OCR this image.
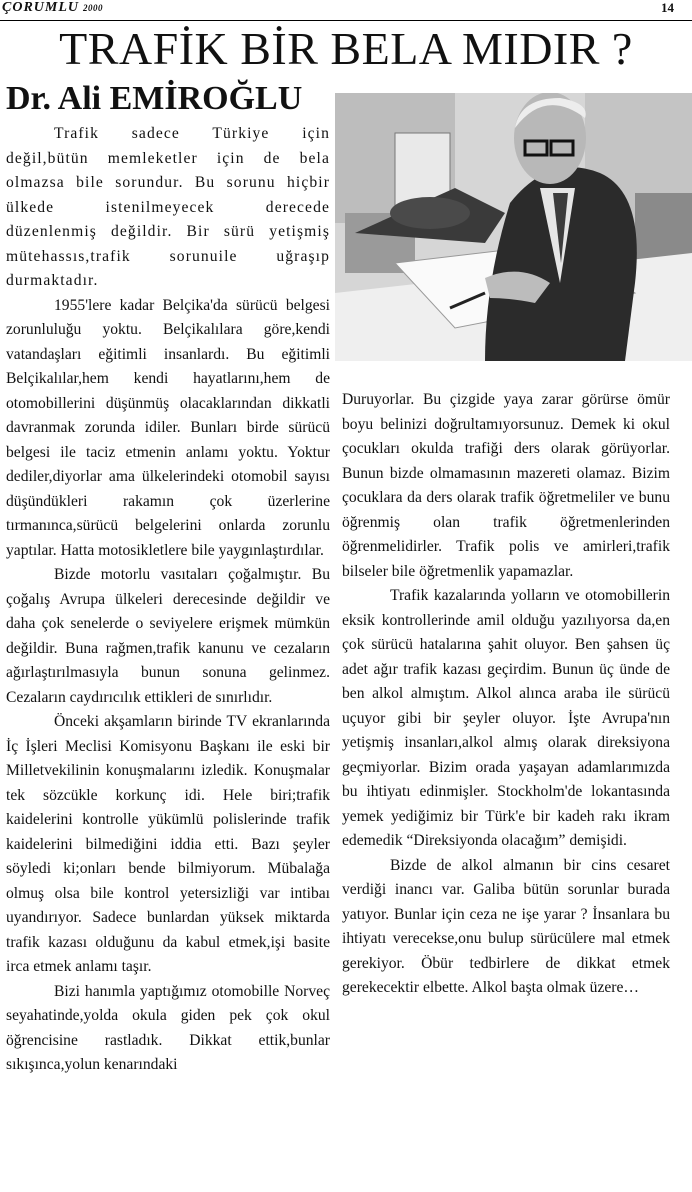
ÇORUMLU 2000	14
TRAFİK BİR BELA MIDIR ?
Dr. Ali EMİROĞLU

Trafik sadece Türkiye için değil,bütün memleketler için de bela olmazsa bile sorundur. Bu sorunu hiçbir ülkede istenilmeyecek derecede düzenlenmiş değildir. Bir sürü yetişmiş mütehassıs,trafik sorunuile uğraşıp durmaktadır.

1955'lere kadar Belçika'da sürücü belgesi zorunluluğu yoktu. Belçikalılara göre,kendi vatandaşları eğitimli insanlardı. Bu eğitimli Belçikalılar,hem kendi hayatlarını,hem de otomobillerini düşünmüş olacaklarından dikkatli davranmak zorunda idiler. Bunları birde sürücü belgesi ile taciz etmenin anlamı yoktu. Yoktur dediler,diyorlar ama ülkelerindeki otomobil sayısı düşündükleri rakamın çok üzerlerine tırmanınca,sürücü belgelerini onlarda zorunlu yaptılar. Hatta motosikletlere bile yaygınlaştırdılar.

Bizde motorlu vasıtaları çoğalmıştır. Bu çoğalış Avrupa ülkeleri derecesinde değildir ve daha çok senelerde o seviyelere erişmek mümkün değildir. Buna rağmen,trafik kanunu ve cezaların ağırlaştırılmasıyla bunun sonuna gelinmez. Cezaların caydırıcılık ettikleri de sınırlıdır.

Önceki akşamların birinde TV ekranlarında İç İşleri Meclisi Komisyonu Başkanı ile eski bir Milletvekilinin konuşmalarını izledik. Konuşmalar tek sözcükle korkunç idi. Hele biri;trafik kaidelerini kontrolle yükümlü polislerinde trafik kaidelerini bilmediğini iddia etti. Bazı şeyler söyledi ki;onları bende bilmiyorum. Mübalağa olmuş olsa bile kontrol yetersizliği var intibaı uyandırıyor. Sadece bunlardan yüksek miktarda trafik kazası olduğunu da kabul etmek,işi basite irca etmek anlamı taşır.

Bizi hanımla yaptığımız otomobille Norveç seyahatinde,yolda okula giden pek çok okul öğrencisine rastladık. Dikkat ettik,bunlar sıkışınca,yolun kenarındaki

Duruyorlar. Bu çizgide yaya zarar görürse ömür boyu belinizi doğrultamıyorsunuz. Demek ki okul çocukları okulda trafiği ders olarak görüyorlar. Bunun bizde olmamasının mazereti olamaz. Bizim çocuklara da ders olarak trafik öğretmeliler ve bunu öğrenmiş olan trafik öğretmenlerinden öğrenmelidirler. Trafik polis ve amirleri,trafik bilseler bile öğretmenlik yapamazlar.

Trafik kazalarında yolların ve otomobillerin eksik kontrollerinde amil olduğu yazılıyorsa da,en çok sürücü hatalarına şahit oluyor. Ben şahsen üç adet ağır trafik kazası geçirdim. Bunun üç ünde de ben alkol almıştım. Alkol alınca araba ile sürücü uçuyor gibi bir şeyler oluyor. İşte Avrupa'nın yetişmiş insanları,alkol almış olarak direksiyona geçmiyorlar. Bizim orada yaşayan adamlarımızda bu ihtiyatı edinmişler. Stockholm'de lokantasında yemek yediğimiz bir Türk'e bir kadeh rakı ikram edemedik “Direksiyonda olacağım” demişidi.

Bizde de alkol almanın bir cins cesaret verdiği inancı var. Galiba bütün sorunlar burada yatıyor. Bunlar için ceza ne işe yarar ? İnsanlara bu ihtiyatı verecekse,onu bulup sürücülere mal etmek gerekiyor. Öbür tedbirlere de dikkat etmek gerekecektir elbette. Alkol başta olmak üzere…
